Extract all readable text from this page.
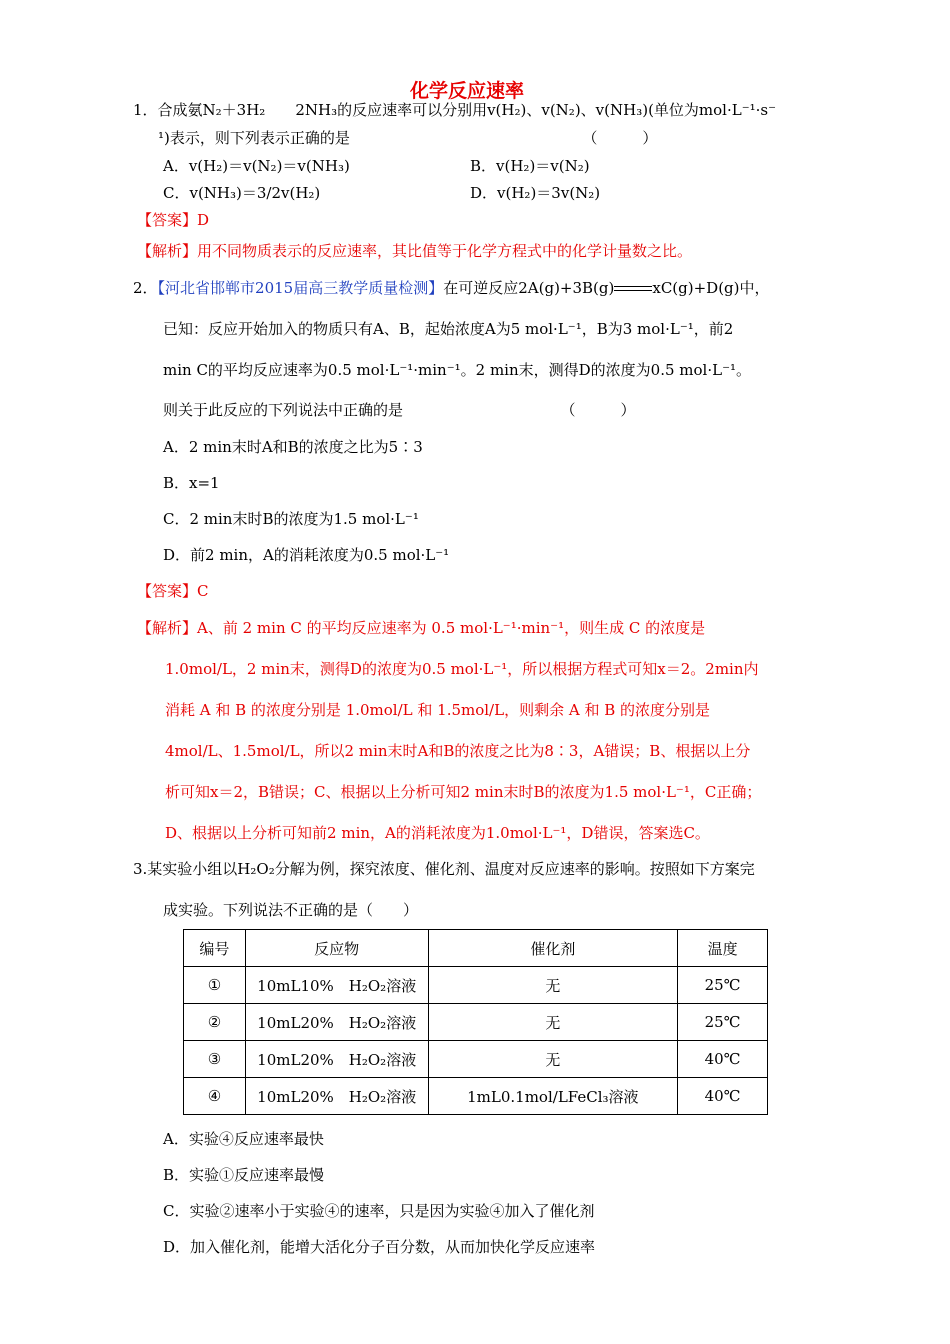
化学反应速率
1．合成氨N₂＋3H₂　　2NH₃的反应速率可以分别用v(H₂)、v(N₂)、v(NH₃)(单位为mol·L⁻¹·s⁻
¹)表示，则下列表示正确的是　　　　　　　　　　　　　　　　（　　　）
A．v(H₂)＝v(N₂)＝v(NH₃)	B．v(H₂)＝v(N₂)
C．v(NH₃)＝3/2v(H₂)	D．v(H₂)＝3v(N₂)
【答案】D
【解析】用不同物质表示的反应速率，其比值等于化学方程式中的化学计量数之比。
2．【河北省邯郸市2015届高三教学质量检测】在可逆反应2A(g)+3B(g)	xC(g)+D(g)中，
已知：反应开始加入的物质只有A、B，起始浓度A为5 mol·L⁻¹，B为3 mol·L⁻¹，前2
min C的平均反应速率为0.5 mol·L⁻¹·min⁻¹。2 min末，测得D的浓度为0.5 mol·L⁻¹。
则关于此反应的下列说法中正确的是　　　　　　　　　　　（　　　）
A．2 min末时A和B的浓度之比为5∶3
B．x=1
C．2 min末时B的浓度为1.5 mol·L⁻¹
D．前2 min，A的消耗浓度为0.5 mol·L⁻¹
【答案】C
【解析】A、前 2 min C 的平均反应速率为 0.5 mol·L⁻¹·min⁻¹，则生成 C 的浓度是
1.0mol/L，2 min末，测得D的浓度为0.5 mol·L⁻¹，所以根据方程式可知x＝2。2min内
消耗 A 和 B 的浓度分别是 1.0mol/L 和 1.5mol/L，则剩余 A 和 B 的浓度分别是
4mol/L、1.5mol/L，所以2 min末时A和B的浓度之比为8∶3，A错误；B、根据以上分
析可知x＝2，B错误；C、根据以上分析可知2 min末时B的浓度为1.5 mol·L⁻¹，C正确；
D、根据以上分析可知前2 min，A的消耗浓度为1.0mol·L⁻¹，D错误，答案选C。
3.某实验小组以H₂O₂分解为例，探究浓度、催化剂、温度对反应速率的影响。按照如下方案完
成实验。下列说法不正确的是（　　）
编号	反应物	催化剂	温度
①	10mL10%　H₂O₂溶液	无	25℃
②	10mL20%　H₂O₂溶液	无	25℃
③	10mL20%　H₂O₂溶液	无	40℃
④	10mL20%　H₂O₂溶液	1mL0.1mol/LFeCl₃溶液	40℃
A．实验④反应速率最快
B．实验①反应速率最慢
C．实验②速率小于实验④的速率，只是因为实验④加入了催化剂
D．加入催化剂，能增大活化分子百分数，从而加快化学反应速率
